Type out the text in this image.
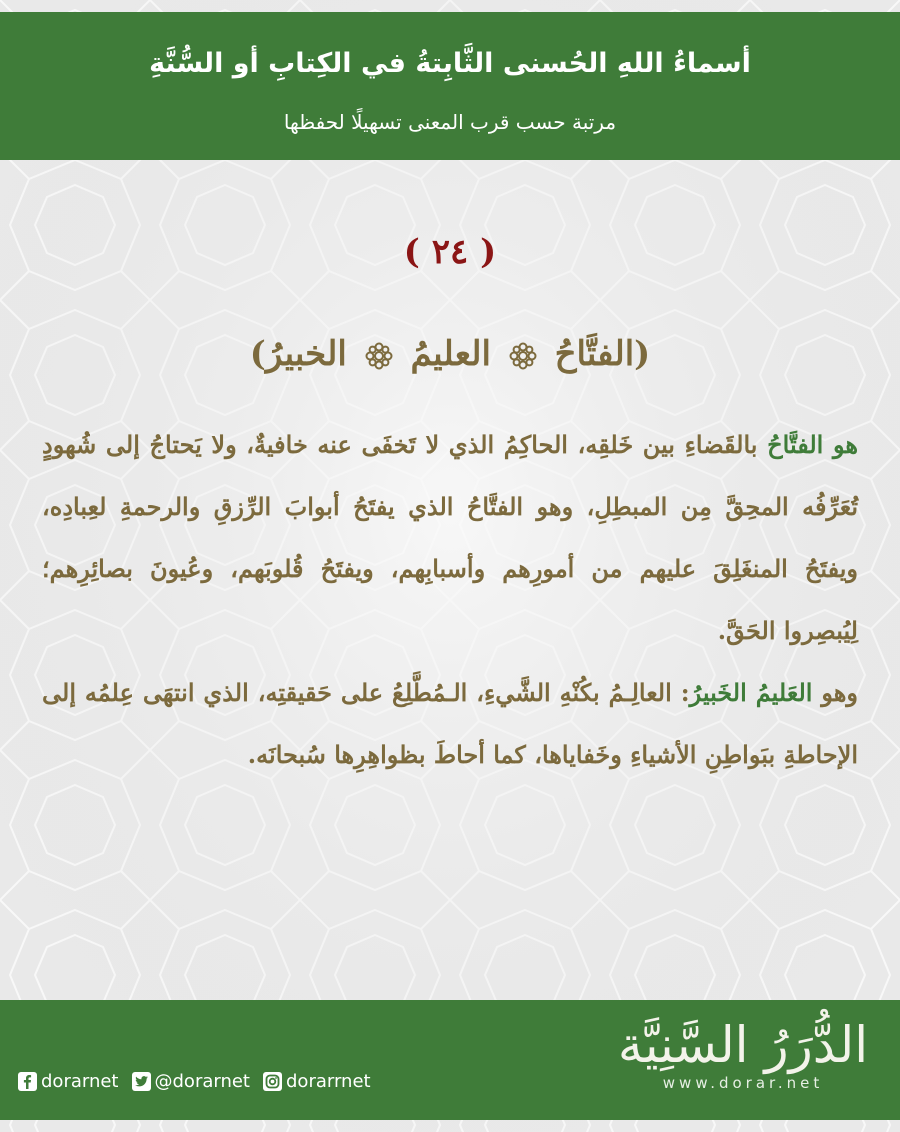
أسماءُ اللهِ الحُسنى الثَّابِتةُ في الكِتابِ أو السُّنَّةِ
مرتبة حسب قرب المعنى تسهيلًا لحفظها
( ٢٤ )
(الفتَّاحُ  العليمُ  الخبيرُ)

هو الفتَّاحُ بالقَضاءِ بين خَلقِه، الحاكِمُ الذي لا تَخفَى عنه خافيةٌ، ولا يَحتاجُ إلى شُهودٍ تُعَرِّفُه المحِقَّ مِن المبطِلِ، وهو الفتَّاحُ الذي يفتَحُ أبوابَ الرِّزقِ والرحمةِ لعِبادِه، ويفتَحُ المنغَلِقَ عليهم من أمورِهم وأسبابِهم، ويفتَحُ قُلوبَهم، وعُيونَ بصائِرِهم؛ لِيُبصِروا الحَقَّ.

وهو العَليمُ الخَبيرُ: العالِـمُ بكُنْهِ الشَّيءِ، الـمُطَّلِعُ على حَقيقتِه، الذي انتهَى عِلمُه إلى الإحاطةِ ببَواطِنِ الأشياءِ وخَفاياها، كما أحاطَ بظواهِرِها سُبحانَه.

الدُّرَرُ السَّنِيَّة
www.dorar.net
dorarnet @dorarnet dorarrnet
